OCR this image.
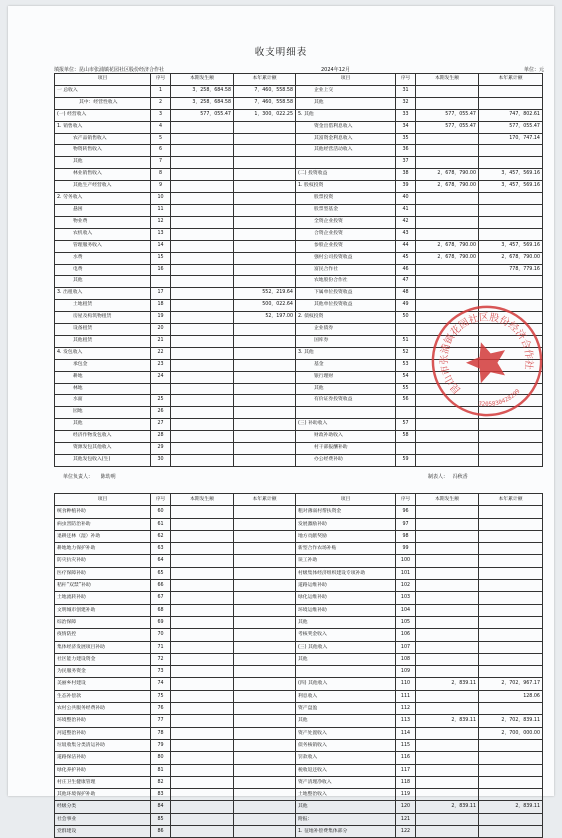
收支明细表
填报单位：昆山市张浦镇花园社区股份经济合作社	2024年12月	单位：元
项目	序号	本期发生额	本年累计额	项目	序号	本期发生额	本年累计额
一 总收入	1	3，258，684.58	7，460，558.58	企业上交	31		
其中：经营性收入	2	3，258，684.58	7，460，558.58	其他	32		
(一) 经营收入	3	577，055.47	1，300，022.25	5. 其他	33	577，055.47	747，802.61
1. 销售收入	4			资金出借利息收入	34	577，055.47	577，055.47
农产品销售收入	5			其富资金利息收入	35		170，747.14
物资转售收入	6			其他经营活动收入	36		
其他	7				37		
林业销售收入	8			(二) 投资收益	38	2，678，790.00	3，457，569.16
其他生产经营收入	9			1. 股权投资	39	2，678，790.00	3，457，569.16
2. 劳务收入	10			股票投资	40		
悬困	11			股票型基金	41		
物业费	12			全资企业投资	42		
农机收入	13			合资企业投资	43		
管理服务收入	14			参股企业投资	44	2，678，790.00	3，457，569.16
水费	15			强村公司投资收益	45	2，678，790.00	2，678，790.00
电费	16			富民合作社	46		778，779.16
其他				农地股份合作社	47		
3. 出租收入	17		552，219.64	下属单位投资收益	48		
土地租赁	18		500，022.64	其他单位投资收益	49		
房屋及构筑物租赁	19		52，197.00	2. 债权投资	50		
设备租赁	20			企业债券			
其他租赁	21			国库券	51		
4. 发包收入	22			3. 其他	52		
承包金	23			基金	53		
耕地	24			银行理财	54		
林地				其他	55		
水面	25			有价证券投资收益	56		
园地	26						
其他	27			(三) 补助收入	57		
经济作物发包收入	28			财政补助收入	58		
资源发包其他收入	29			村干部报酬补助			
其他发包收入(生)	30			办公经费补助	59		
单位负责人： 陈幼明	制表人： 冯秋香
项目	序号	本期发生额	本年累计额	项目	序号	本期发生额	本年累计额
统食种植补助	60			粗对薄弱村帮扶资金	96		
病虫害防治补助	61			发展激励补助	97		
退耕还林（湿）补助	62			地方贡献奖励	98		
耕地地力保护补助	63			新型合作农场补贴	99		
防灾抗灾补助	64			误工补助	100		
医疗保障补助	65			村级集体经济组织建设专项补助	101		
秸秆“双禁”补助	66			道路运维补助	102		
土地流转补助	67			绿化运维补助	103		
文明城市创建补助	68			环境运维补助	104		
综治保障	69			其他	105		
疫情防控	70			考核奖金收入	106		
集体经济发展项目补助	71			(三) 其他收入	107		
社区能力建设资金	72			其他	108		
为民服务资金	73				109		
美丽乡村建设	74			(四) 其他收入	110	2，839.11	2，702，967.17
生态补偿款	75			利息收入	111		128.06
农村公共服务经费补助	76			资产盘盈	112		
环境整治补助	77			其他	113	2，839.11	2，702，839.11
河道整治补助	78			资产处置收入	114		2，700，000.00
垃圾收集分类清运补助	79			债务核销收入	115		
道路保洁补助	80			罚款收入	116		
绿化养护补助	81			税收返还收入	117		
村庄卫生健康管理	82			资产清理净收入	118		
其他环境保护补助	83			土地整治收入	119		
经级分类	84			其他	120	2，839.11	2，839.11
社会事业	85			附报：	121		
党群建设	86			1. 征地补偿费集体部分	122		
昆山市张浦镇花园社区股份经济合作社
3205830428299
